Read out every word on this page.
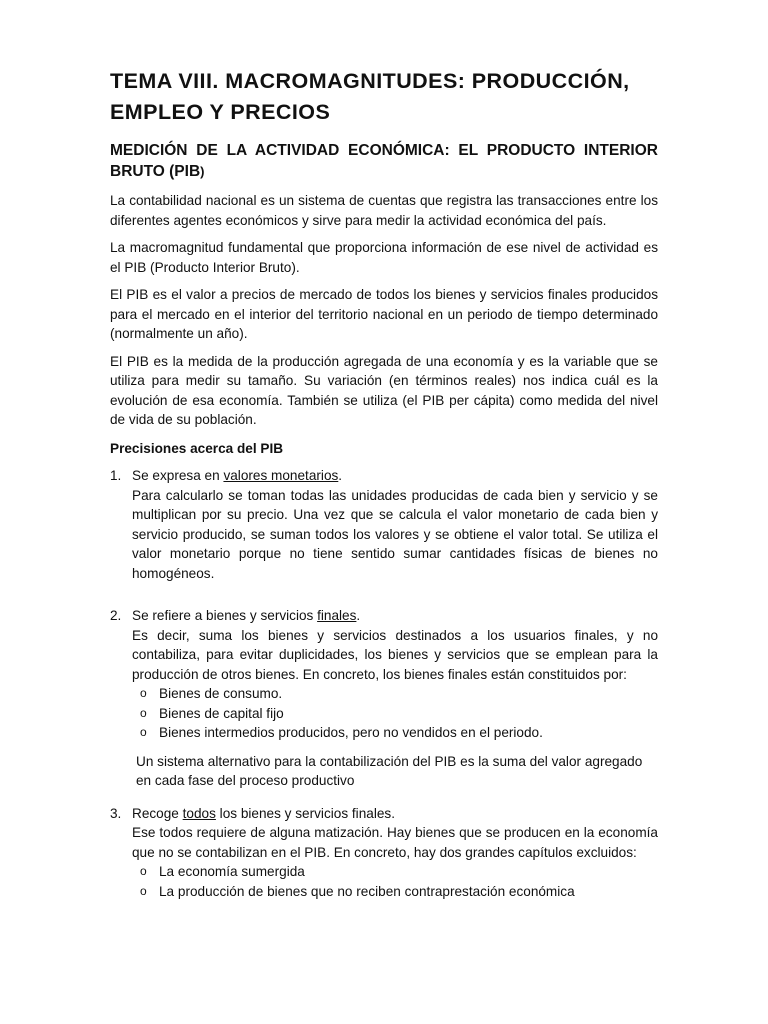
TEMA VIII. MACROMAGNITUDES: PRODUCCIÓN, EMPLEO Y PRECIOS
MEDICIÓN DE LA ACTIVIDAD ECONÓMICA: EL PRODUCTO INTERIOR BRUTO (PIB)

La contabilidad nacional es un sistema de cuentas que registra las transacciones entre los diferentes agentes económicos y sirve para medir la actividad económica del país.

La macromagnitud fundamental que proporciona información de ese nivel de actividad es el PIB (Producto Interior Bruto).

El PIB es el valor a precios de mercado de todos los bienes y servicios finales producidos para el mercado en el interior del territorio nacional en un periodo de tiempo determinado (normalmente un año).

El PIB es la medida de la producción agregada de una economía y es la variable que se utiliza para medir su tamaño. Su variación (en términos reales) nos indica cuál es la evolución de esa economía. También se utiliza (el PIB per cápita) como medida del nivel de vida de su población.

Precisiones acerca del PIB
1. Se expresa en valores monetarios.
Para calcularlo se toman todas las unidades producidas de cada bien y servicio y se multiplican por su precio. Una vez que se calcula el valor monetario de cada bien y servicio producido, se suman todos los valores y se obtiene el valor total. Se utiliza el valor monetario porque no tiene sentido sumar cantidades físicas de bienes no homogéneos.
2. Se refiere a bienes y servicios finales.
Es decir, suma los bienes y servicios destinados a los usuarios finales, y no contabiliza, para evitar duplicidades, los bienes y servicios que se emplean para la producción de otros bienes. En concreto, los bienes finales están constituidos por:
o Bienes de consumo.
o Bienes de capital fijo
o Bienes intermedios producidos, pero no vendidos en el periodo.
Un sistema alternativo para la contabilización del PIB es la suma del valor agregado en cada fase del proceso productivo
3. Recoge todos los bienes y servicios finales.
Ese todos requiere de alguna matización. Hay bienes que se producen en la economía que no se contabilizan en el PIB. En concreto, hay dos grandes capítulos excluidos:
o La economía sumergida
o La producción de bienes que no reciben contraprestación económica
